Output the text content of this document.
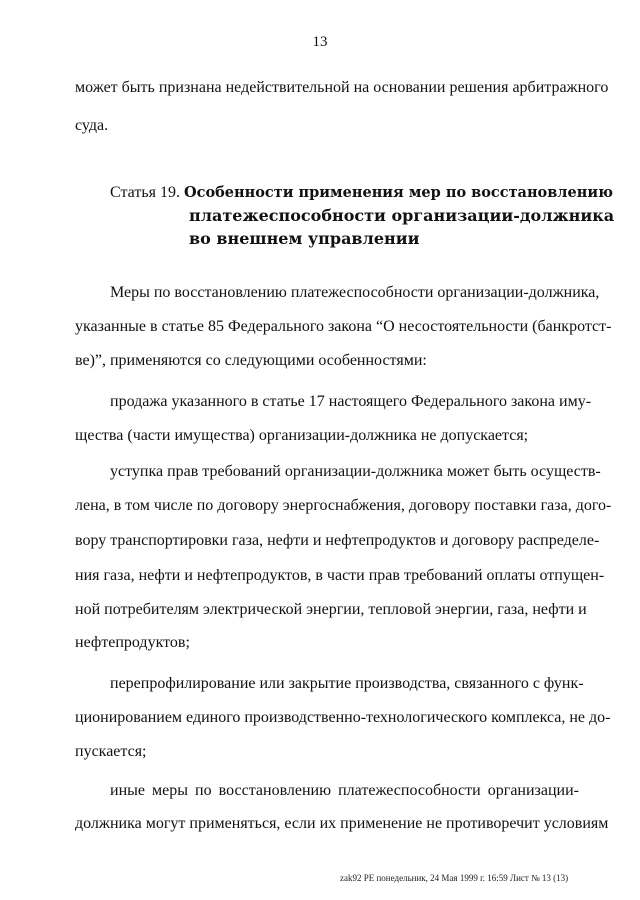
13
может быть признана недействительной на основании решения арбитражного
суда.
Статья 19. Особенности применения мер по восстановлению
платежеспособности организации-должника
во внешнем управлении
Меры по восстановлению платежеспособности организации-должника,
указанные в статье 85 Федерального закона “О несостоятельности (банкротст-
ве)”, применяются со следующими особенностями:
продажа указанного в статье 17 настоящего Федерального закона иму-
щества (части имущества) организации-должника не допускается;
уступка прав требований организации-должника может быть осуществ-
лена, в том числе по договору энергоснабжения, договору поставки газа, дого-
вору транспортировки газа, нефти и нефтепродуктов и договору распределе-
ния газа, нефти и нефтепродуктов, в части прав требований оплаты отпущен-
ной потребителям электрической энергии, тепловой энергии, газа, нефти и
нефтепродуктов;
перепрофилирование или закрытие производства, связанного с функ-
ционированием единого производственно-технологического комплекса, не до-
пускается;
иные меры по восстановлению платежеспособности организации-
должника могут применяться, если их применение не противоречит условиям
zak92 PE понедельник, 24 Мая 1999 г. 16:59 Лист № 13 (13)
